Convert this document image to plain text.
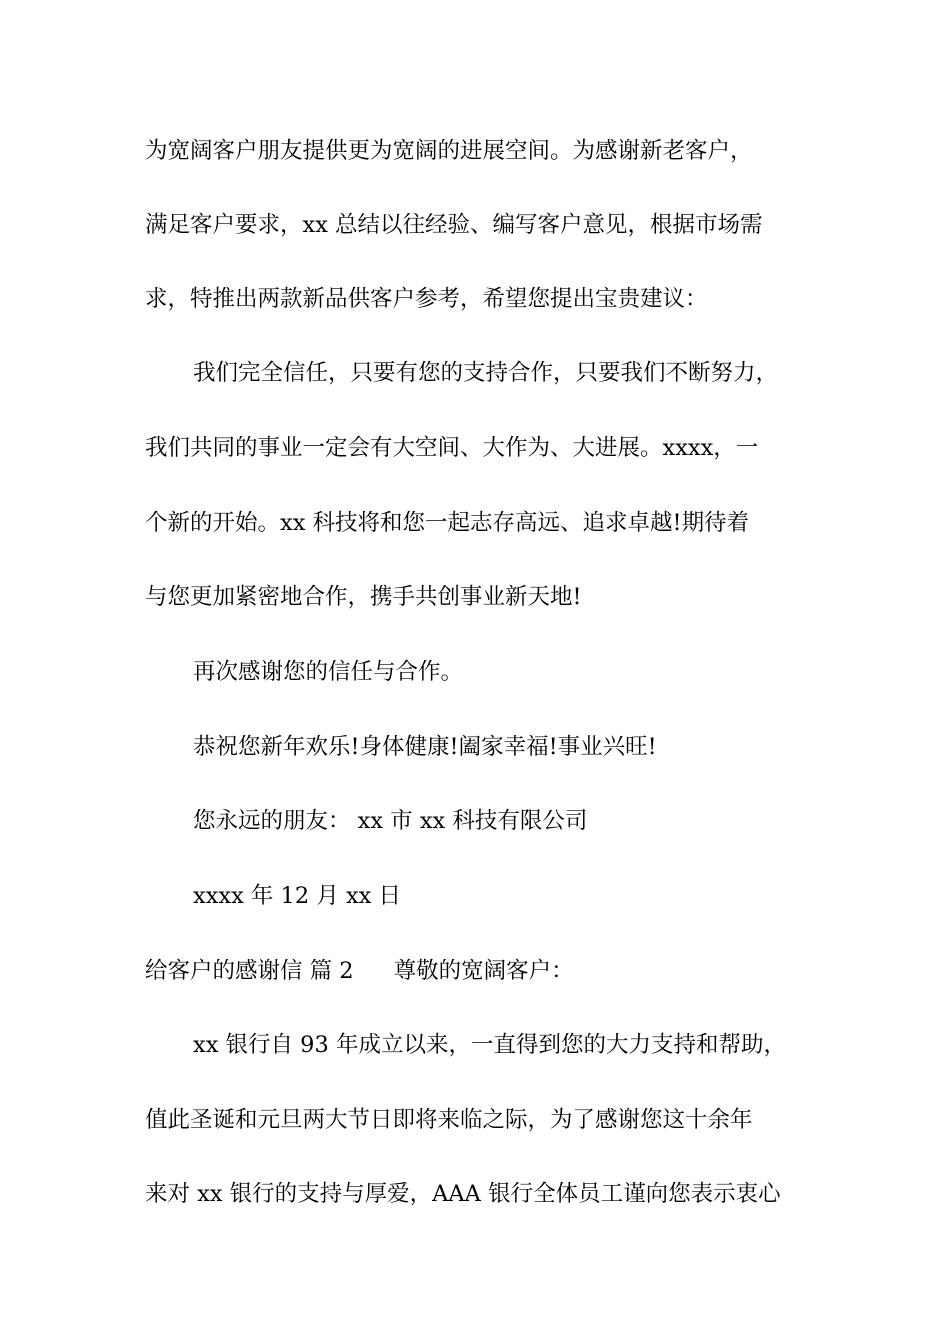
为宽阔客户朋友提供更为宽阔的进展空间。为感谢新老客户，
满足客户要求，xx 总结以往经验、编写客户意见，根据市场需
求，特推出两款新品供客户参考，希望您提出宝贵建议：
我们完全信任，只要有您的支持合作，只要我们不断努力，
我们共同的事业一定会有大空间、大作为、大进展。xxxx，一
个新的开始。xx 科技将和您一起志存高远、追求卓越!期待着
与您更加紧密地合作，携手共创事业新天地!
再次感谢您的信任与合作。
恭祝您新年欢乐!身体健康!阖家幸福!事业兴旺!
您永远的朋友： xx 市 xx 科技有限公司
xxxx 年 12 月 xx 日
给客户的感谢信 篇 2 尊敬的宽阔客户：
xx 银行自 93 年成立以来，一直得到您的大力支持和帮助，
值此圣诞和元旦两大节日即将来临之际，为了感谢您这十余年
来对 xx 银行的支持与厚爱，AAA 银行全体员工谨向您表示衷心
